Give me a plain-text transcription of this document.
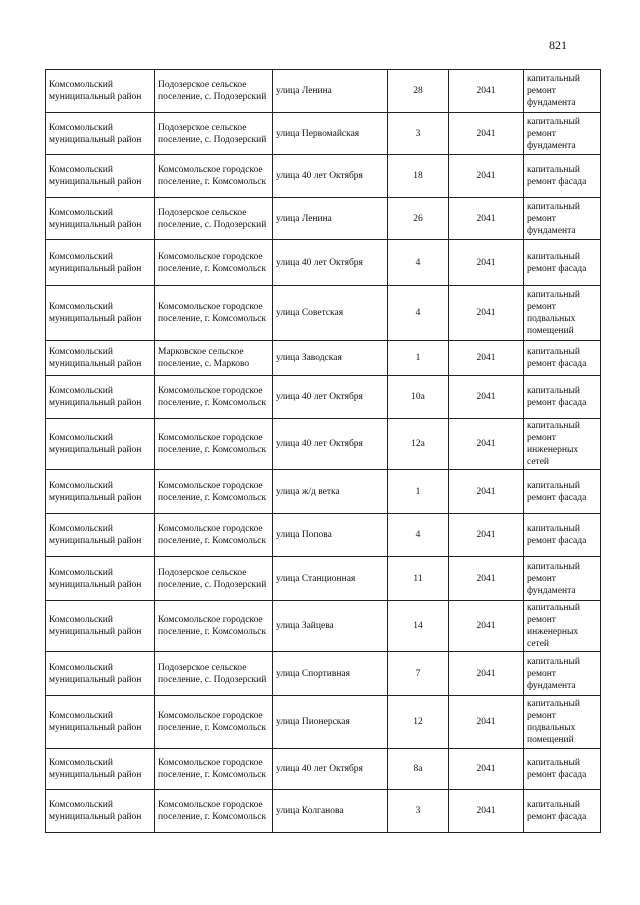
821
Комсомольский муниципальный район	Подозерское сельское поселение, с. Подозерский	улица Ленина	28	2041	капитальный ремонт фундамента
Комсомольский муниципальный район	Подозерское сельское поселение, с. Подозерский	улица Первомайская	3	2041	капитальный ремонт фундамента
Комсомольский муниципальный район	Комсомольское городское поселение, г. Комсомольск	улица 40 лет Октября	18	2041	капитальный ремонт фасада
Комсомольский муниципальный район	Подозерское сельское поселение, с. Подозерский	улица Ленина	26	2041	капитальный ремонт фундамента
Комсомольский муниципальный район	Комсомольское городское поселение, г. Комсомольск	улица 40 лет Октября	4	2041	капитальный ремонт фасада
Комсомольский муниципальный район	Комсомольское городское поселение, г. Комсомольск	улица Советская	4	2041	капитальный ремонт подвальных помещений
Комсомольский муниципальный район	Марковское сельское поселение, с. Марково	улица Заводская	1	2041	капитальный ремонт фасада
Комсомольский муниципальный район	Комсомольское городское поселение, г. Комсомольск	улица 40 лет Октября	10а	2041	капитальный ремонт фасада
Комсомольский муниципальный район	Комсомольское городское поселение, г. Комсомольск	улица 40 лет Октября	12а	2041	капитальный ремонт инженерных сетей
Комсомольский муниципальный район	Комсомольское городское поселение, г. Комсомольск	улица ж/д ветка	1	2041	капитальный ремонт фасада
Комсомольский муниципальный район	Комсомольское городское поселение, г. Комсомольск	улица Попова	4	2041	капитальный ремонт фасада
Комсомольский муниципальный район	Подозерское сельское поселение, с. Подозерский	улица Станционная	11	2041	капитальный ремонт фундамента
Комсомольский муниципальный район	Комсомольское городское поселение, г. Комсомольск	улица Зайцева	14	2041	капитальный ремонт инженерных сетей
Комсомольский муниципальный район	Подозерское сельское поселение, с. Подозерский	улица Спортивная	7	2041	капитальный ремонт фундамента
Комсомольский муниципальный район	Комсомольское городское поселение, г. Комсомольск	улица Пионерская	12	2041	капитальный ремонт подвальных помещений
Комсомольский муниципальный район	Комсомольское городское поселение, г. Комсомольск	улица 40 лет Октября	8а	2041	капитальный ремонт фасада
Комсомольский муниципальный район	Комсомольское городское поселение, г. Комсомольск	улица Колганова	3	2041	капитальный ремонт фасада
